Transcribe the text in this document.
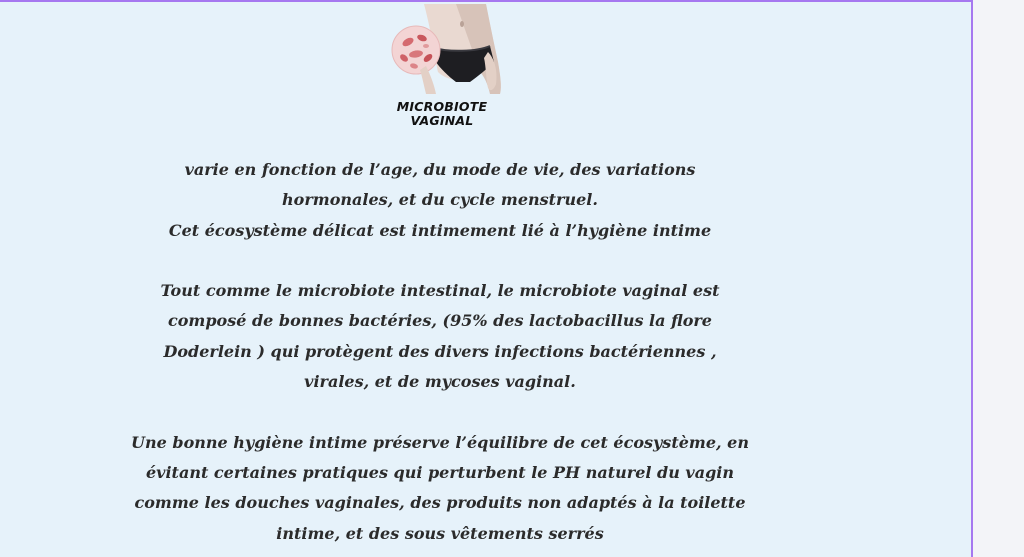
MICROBIOTE
VAGINAL

varie en fonction de l’age, du mode de vie, des variations

hormonales, et du cycle menstruel.

Cet écosystème délicat est intimement lié à l’hygiène intime

Tout comme le microbiote intestinal, le microbiote vaginal est

composé de bonnes bactéries, (95% des lactobacillus la flore

Doderlein ) qui protègent des divers infections bactériennes ,

virales, et de mycoses vaginal.

Une bonne hygiène intime préserve l’équilibre de cet écosystème, en

évitant certaines pratiques qui perturbent le PH naturel du vagin

comme les douches vaginales, des produits non adaptés à la toilette

intime, et des sous vêtements serrés
